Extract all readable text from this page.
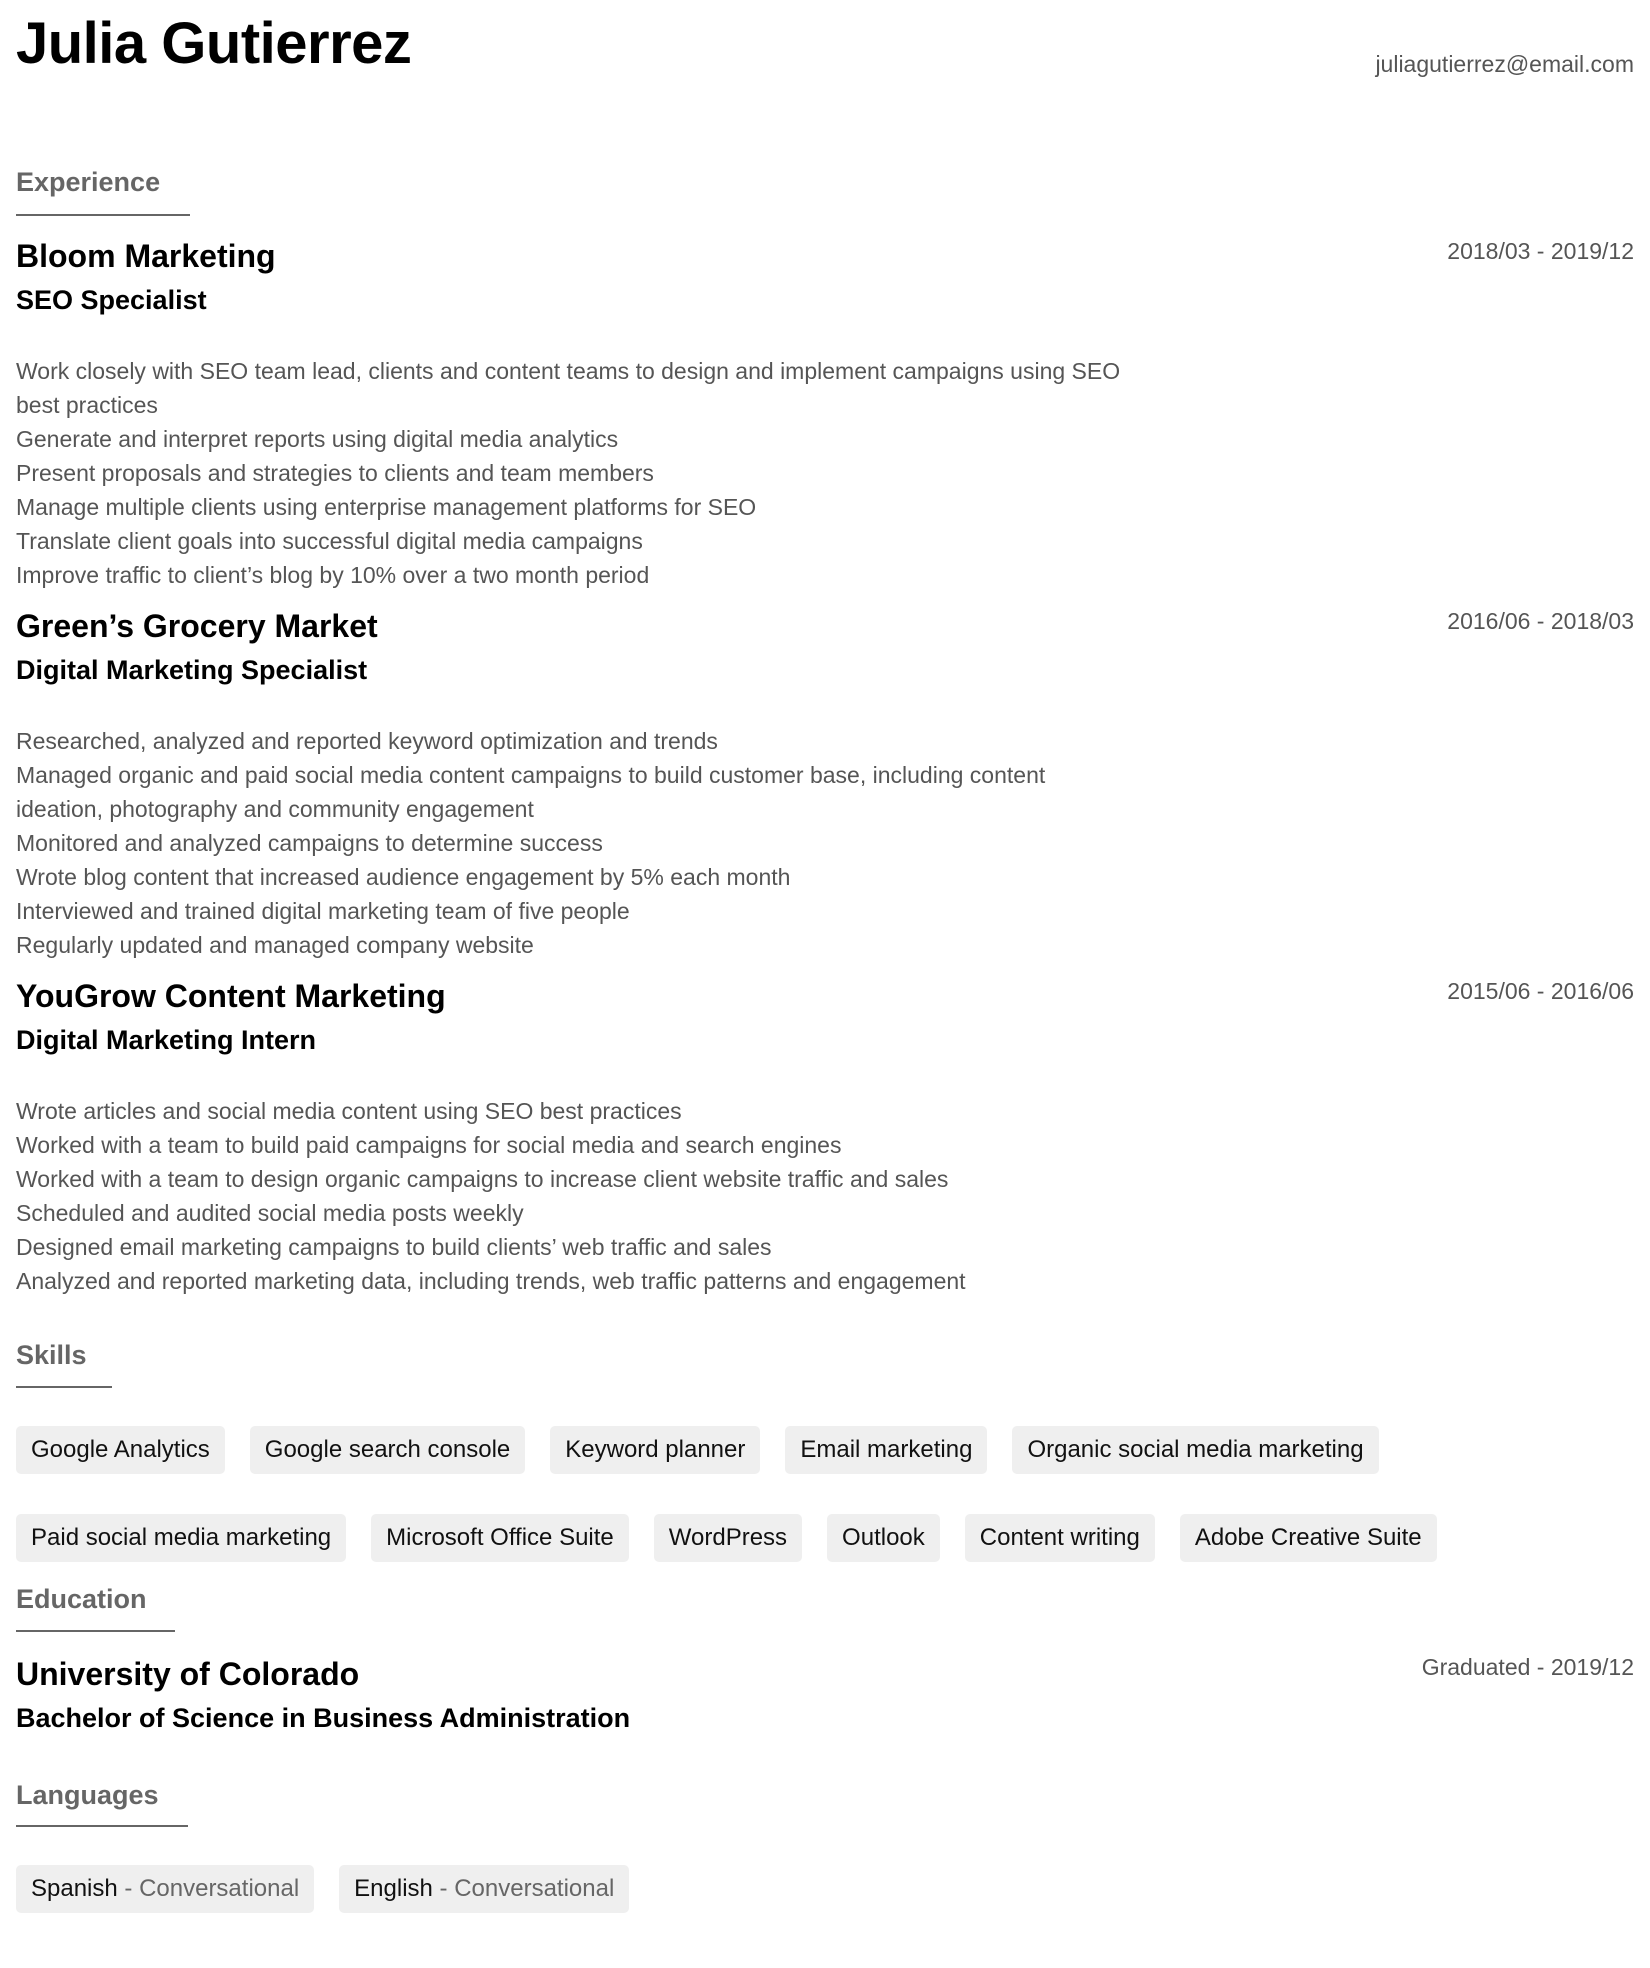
Julia Gutierrez	juliagutierrez@email.com
Experience
Bloom Marketing	2018/03 - 2019/12
SEO Specialist
Work closely with SEO team lead, clients and content teams to design and implement campaigns using SEO best practices
Generate and interpret reports using digital media analytics
Present proposals and strategies to clients and team members
Manage multiple clients using enterprise management platforms for SEO
Translate client goals into successful digital media campaigns
Improve traffic to client’s blog by 10% over a two month period
Green’s Grocery Market	2016/06 - 2018/03
Digital Marketing Specialist
Researched, analyzed and reported keyword optimization and trends
Managed organic and paid social media content campaigns to build customer base, including content ideation, photography and community engagement
Monitored and analyzed campaigns to determine success
Wrote blog content that increased audience engagement by 5% each month
Interviewed and trained digital marketing team of five people
Regularly updated and managed company website
YouGrow Content Marketing	2015/06 - 2016/06
Digital Marketing Intern
Wrote articles and social media content using SEO best practices
Worked with a team to build paid campaigns for social media and search engines
Worked with a team to design organic campaigns to increase client website traffic and sales
Scheduled and audited social media posts weekly
Designed email marketing campaigns to build clients’ web traffic and sales
Analyzed and reported marketing data, including trends, web traffic patterns and engagement
Skills
Google Analytics	Google search console	Keyword planner	Email marketing	Organic social media marketing
Paid social media marketing	Microsoft Office Suite	WordPress	Outlook	Content writing	Adobe Creative Suite
Education
University of Colorado	Graduated - 2019/12
Bachelor of Science in Business Administration
Languages
Spanish - Conversational	English - Conversational
